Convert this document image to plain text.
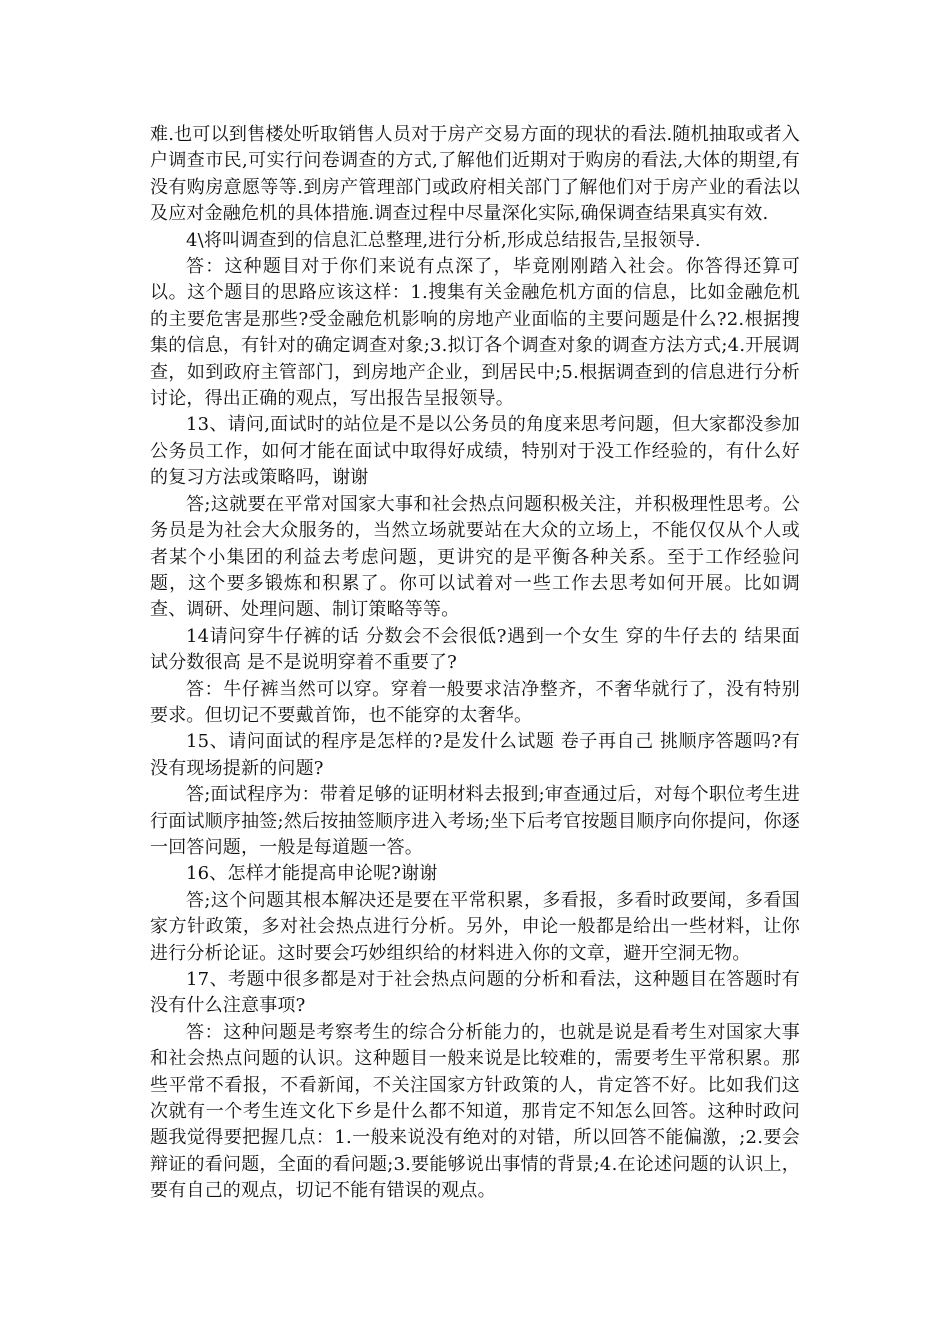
难.也可以到售楼处听取销售人员对于房产交易方面的现状的看法.随机抽取或者入户调查市民,可实行问卷调查的方式,了解他们近期对于购房的看法,大体的期望,有没有购房意愿等等.到房产管理部门或政府相关部门了解他们对于房产业的看法以及应对金融危机的具体措施.调查过程中尽量深化实际,确保调查结果真实有效.

4\将叫调查到的信息汇总整理,进行分析,形成总结报告,呈报领导.

答：这种题目对于你们来说有点深了，毕竟刚刚踏入社会。你答得还算可以。这个题目的思路应该这样：1.搜集有关金融危机方面的信息，比如金融危机的主要危害是那些?受金融危机影响的房地产业面临的主要问题是什么?2.根据搜集的信息，有针对的确定调查对象;3.拟订各个调查对象的调查方法方式;4.开展调查，如到政府主管部门，到房地产企业，到居民中;5.根据调查到的信息进行分析讨论，得出正确的观点，写出报告呈报领导。

13、请问,面试时的站位是不是以公务员的角度来思考问题，但大家都没参加公务员工作，如何才能在面试中取得好成绩，特别对于没工作经验的，有什么好的复习方法或策略吗，谢谢

答;这就要在平常对国家大事和社会热点问题积极关注，并积极理性思考。公务员是为社会大众服务的，当然立场就要站在大众的立场上，不能仅仅从个人或者某个小集团的利益去考虑问题，更讲究的是平衡各种关系。至于工作经验问题，这个要多锻炼和积累了。你可以试着对一些工作去思考如何开展。比如调查、调研、处理问题、制订策略等等。

14请问穿牛仔裤的话 分数会不会很低?遇到一个女生 穿的牛仔去的 结果面试分数很高 是不是说明穿着不重要了?

答：牛仔裤当然可以穿。穿着一般要求洁净整齐，不奢华就行了，没有特别要求。但切记不要戴首饰，也不能穿的太奢华。

15、请问面试的程序是怎样的?是发什么试题 卷子再自己 挑顺序答题吗?有没有现场提新的问题?

答;面试程序为：带着足够的证明材料去报到;审查通过后，对每个职位考生进行面试顺序抽签;然后按抽签顺序进入考场;坐下后考官按题目顺序向你提问，你逐一回答问题，一般是每道题一答。

16、怎样才能提高申论呢?谢谢

答;这个问题其根本解决还是要在平常积累，多看报，多看时政要闻，多看国家方针政策，多对社会热点进行分析。另外，申论一般都是给出一些材料，让你进行分析论证。这时要会巧妙组织给的材料进入你的文章，避开空洞无物。

17、考题中很多都是对于社会热点问题的分析和看法，这种题目在答题时有没有什么注意事项?

答：这种问题是考察考生的综合分析能力的，也就是说是看考生对国家大事和社会热点问题的认识。这种题目一般来说是比较难的，需要考生平常积累。那些平常不看报，不看新闻，不关注国家方针政策的人，肯定答不好。比如我们这次就有一个考生连文化下乡是什么都不知道，那肯定不知怎么回答。这种时政问题我觉得要把握几点：1.一般来说没有绝对的对错，所以回答不能偏激，;2.要会辩证的看问题，全面的看问题;3.要能够说出事情的背景;4.在论述问题的认识上，要有自己的观点，切记不能有错误的观点。
